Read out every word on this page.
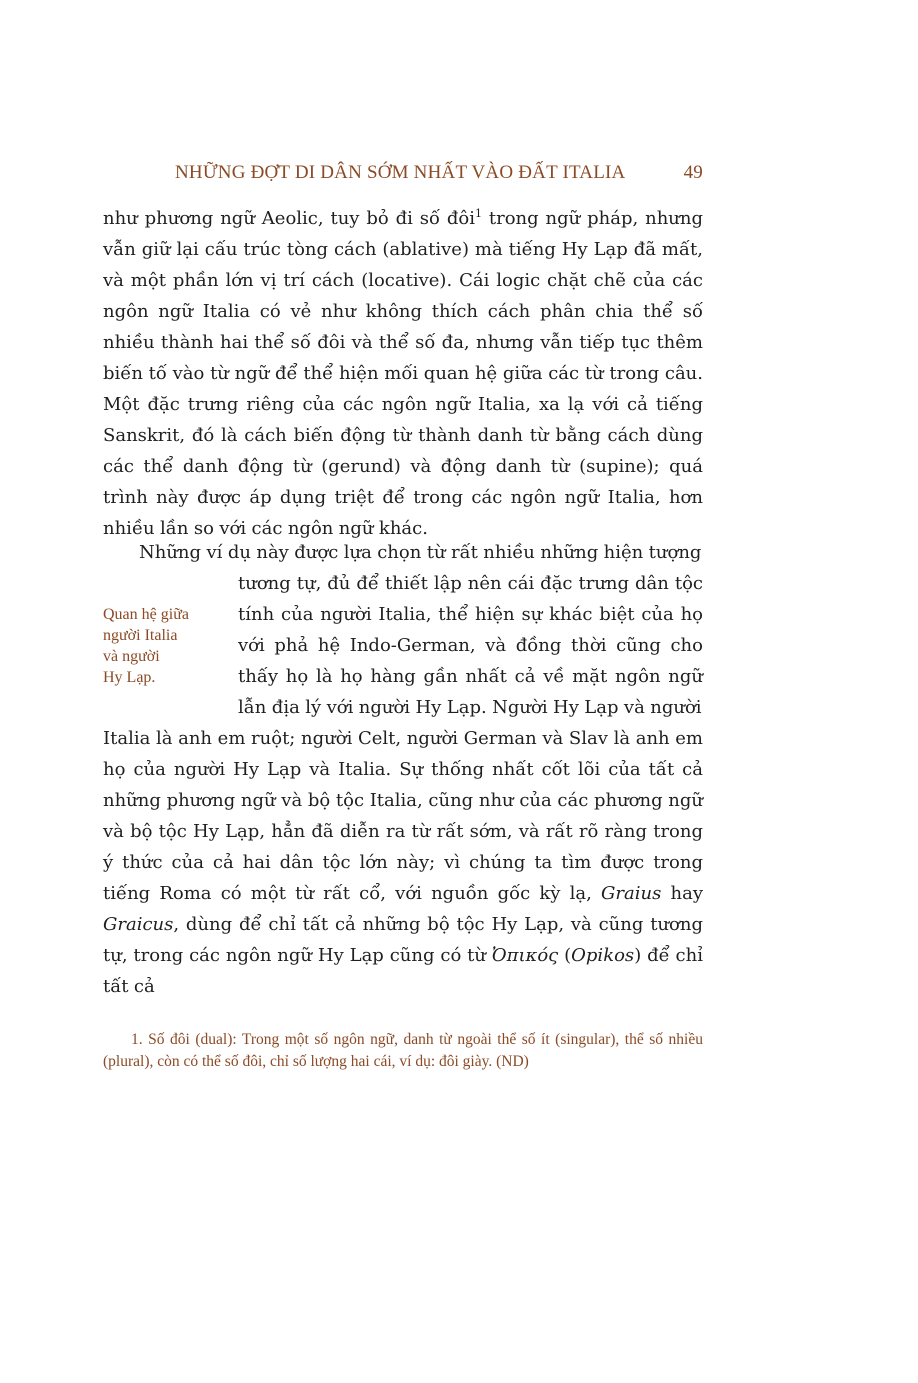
NHỮNG ĐỢT DI DÂN SỚM NHẤT VÀO ĐẤT ITALIA	49

như phương ngữ Aeolic, tuy bỏ đi số đôi$^1$ trong ngữ pháp, nhưng vẫn giữ lại cấu trúc tòng cách (ablative) mà tiếng Hy Lạp đã mất, và một phần lớn vị trí cách (locative). Cái logic chặt chẽ của các ngôn ngữ Italia có vẻ như không thích cách phân chia thể số nhiều thành hai thể số đôi và thể số đa, nhưng vẫn tiếp tục thêm biến tố vào từ ngữ để thể hiện mối quan hệ giữa các từ trong câu. Một đặc trưng riêng của các ngôn ngữ Italia, xa lạ với cả tiếng Sanskrit, đó là cách biến động từ thành danh từ bằng cách dùng các thể danh động từ (gerund) và động danh từ (supine); quá trình này được áp dụng triệt để trong các ngôn ngữ Italia, hơn nhiều lần so với các ngôn ngữ khác.

Những ví dụ này được lựa chọn từ rất nhiều những hiện tượng

Quan hệ giữa
người Italia
và người
Hy Lạp.

tương tự, đủ để thiết lập nên cái đặc trưng dân tộc tính của người Italia, thể hiện sự khác biệt của họ với phả hệ Indo-German, và đồng thời cũng cho thấy họ là họ hàng gần nhất cả về mặt ngôn ngữ lẫn địa lý với người Hy Lạp. Người Hy Lạp và người

Italia là anh em ruột; người Celt, người German và Slav là anh em họ của người Hy Lạp và Italia. Sự thống nhất cốt lõi của tất cả những phương ngữ và bộ tộc Italia, cũng như của các phương ngữ và bộ tộc Hy Lạp, hẳn đã diễn ra từ rất sớm, và rất rõ ràng trong ý thức của cả hai dân tộc lớn này; vì chúng ta tìm được trong tiếng Roma có một từ rất cổ, với nguồn gốc kỳ lạ, Graius hay Graicus, dùng để chỉ tất cả những bộ tộc Hy Lạp, và cũng tương tự, trong các ngôn ngữ Hy Lạp cũng có từ Ὀπικός (Opikos) để chỉ tất cả

1. Số đôi (dual): Trong một số ngôn ngữ, danh từ ngoài thể số ít (singular), thể số nhiều (plural), còn có thể số đôi, chỉ số lượng hai cái, ví dụ: đôi giày. (ND)
